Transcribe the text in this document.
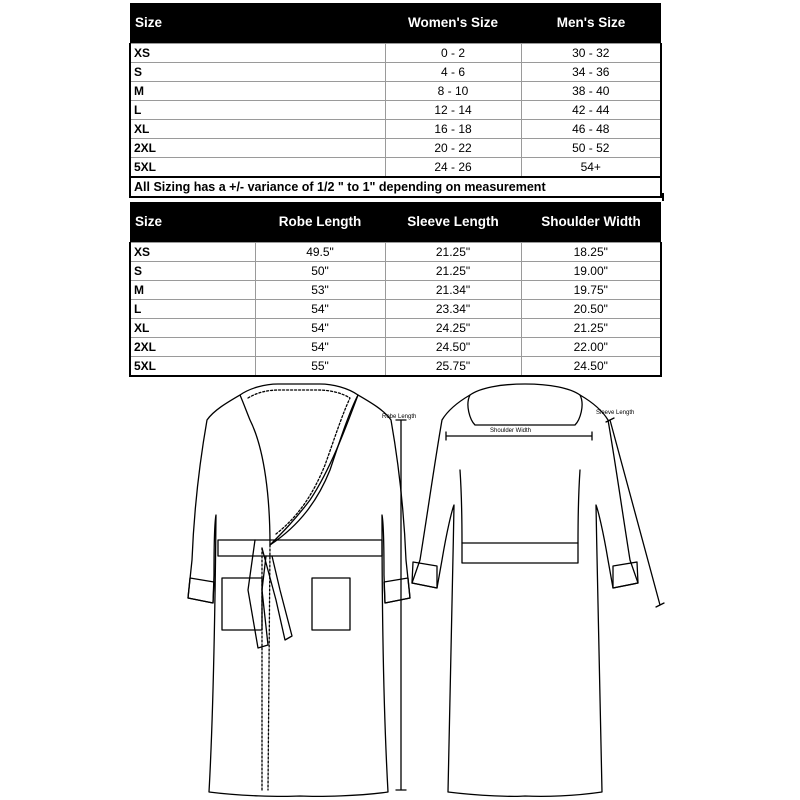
Size	Women's Size	Men's Size
XS	0 - 2	30 - 32
S	4 - 6	34 - 36
M	8 - 10	38 - 40
L	12 - 14	42 - 44
XL	16 - 18	46 - 48
2XL	20 - 22	50 - 52
5XL	24 - 26	54+
All Sizing has a +/- variance of 1/2 " to 1" depending on measurement		
Size	Robe Length	Sleeve Length	Shoulder Width
XS	49.5"	21.25"	18.25"
S	50"	21.25"	19.00"
M	53"	21.34"	19.75"
L	54"	23.34"	20.50"
XL	54"	24.25"	21.25"
2XL	54"	24.50"	22.00"
5XL	55"	25.75"	24.50"
Robe Length
Shoulder Width
Sleeve Length
